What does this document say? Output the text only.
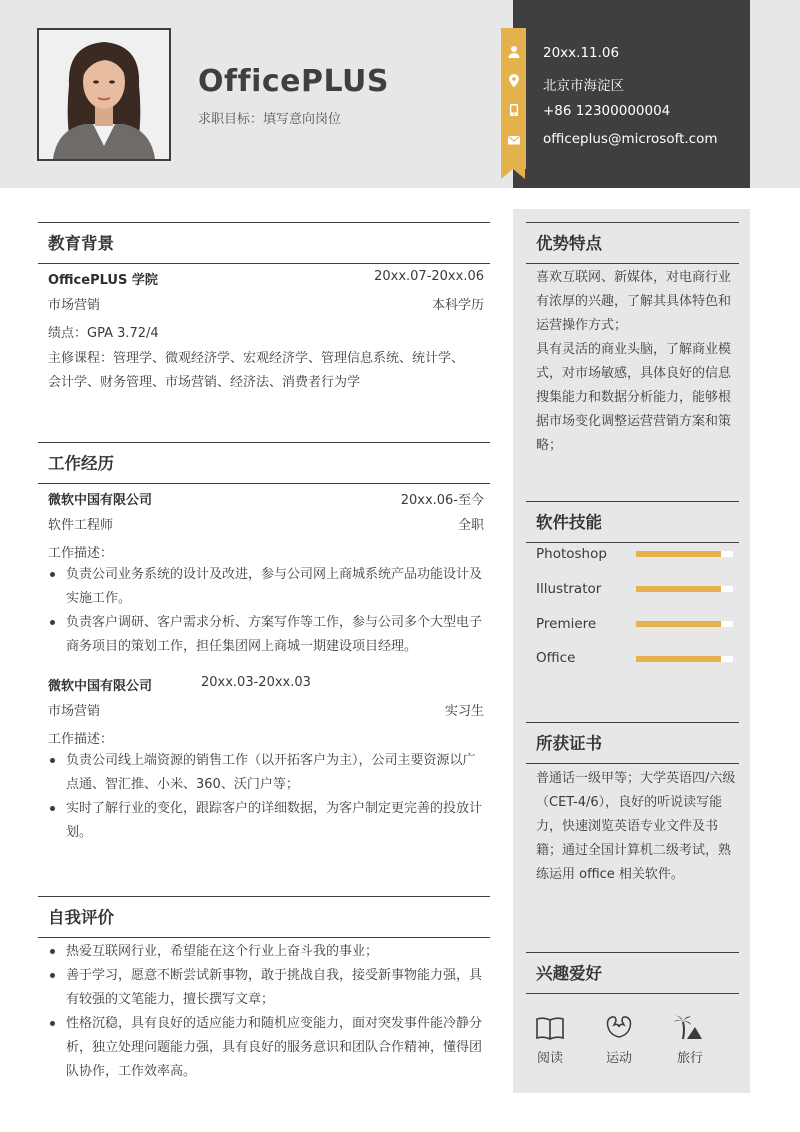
OfficePLUS
求职目标：填写意向岗位
20xx.11.06
北京市海淀区
+86 12300000004
officeplus@microsoft.com
教育背景
OfficePLUS 学院	20xx.07-20xx.06
市场营销	本科学历
绩点：GPA 3.72/4
主修课程：管理学、微观经济学、宏观经济学、管理信息系统、统计学、
会计学、财务管理、市场营销、经济法、消费者行为学
工作经历
微软中国有限公司	20xx.06-至今
软件工程师	全职
工作描述：
负责公司业务系统的设计及改进，参与公司网上商城系统产品功能设计及实施工作。
负责客户调研、客户需求分析、方案写作等工作，参与公司多个大型电子商务项目的策划工作，担任集团网上商城一期建设项目经理。
微软中国有限公司	20xx.03-20xx.03
市场营销	实习生
工作描述：
负责公司线上端资源的销售工作（以开拓客户为主），公司主要资源以广点通、智汇推、小米、360、沃门户等；
实时了解行业的变化，跟踪客户的详细数据，为客户制定更完善的投放计划。
自我评价
热爱互联网行业，希望能在这个行业上奋斗我的事业；
善于学习，愿意不断尝试新事物，敢于挑战自我，接受新事物能力强，具有较强的文笔能力，擅长撰写文章；
性格沉稳，具有良好的适应能力和随机应变能力，面对突发事件能冷静分析，独立处理问题能力强，具有良好的服务意识和团队合作精神，懂得团队协作，工作效率高。
优势特点
喜欢互联网、新媒体，对电商行业有浓厚的兴趣，了解其具体特色和运营操作方式；
具有灵活的商业头脑，了解商业模式，对市场敏感，具体良好的信息搜集能力和数据分析能力，能够根据市场变化调整运营营销方案和策略；
软件技能
Photoshop
Illustrator
Premiere
Office
所获证书
普通话一级甲等；大学英语四/六级（CET-4/6），良好的听说读写能力，快速浏览英语专业文件及书籍；通过全国计算机二级考试，熟练运用 office 相关软件。
兴趣爱好
阅读	运动	旅行
